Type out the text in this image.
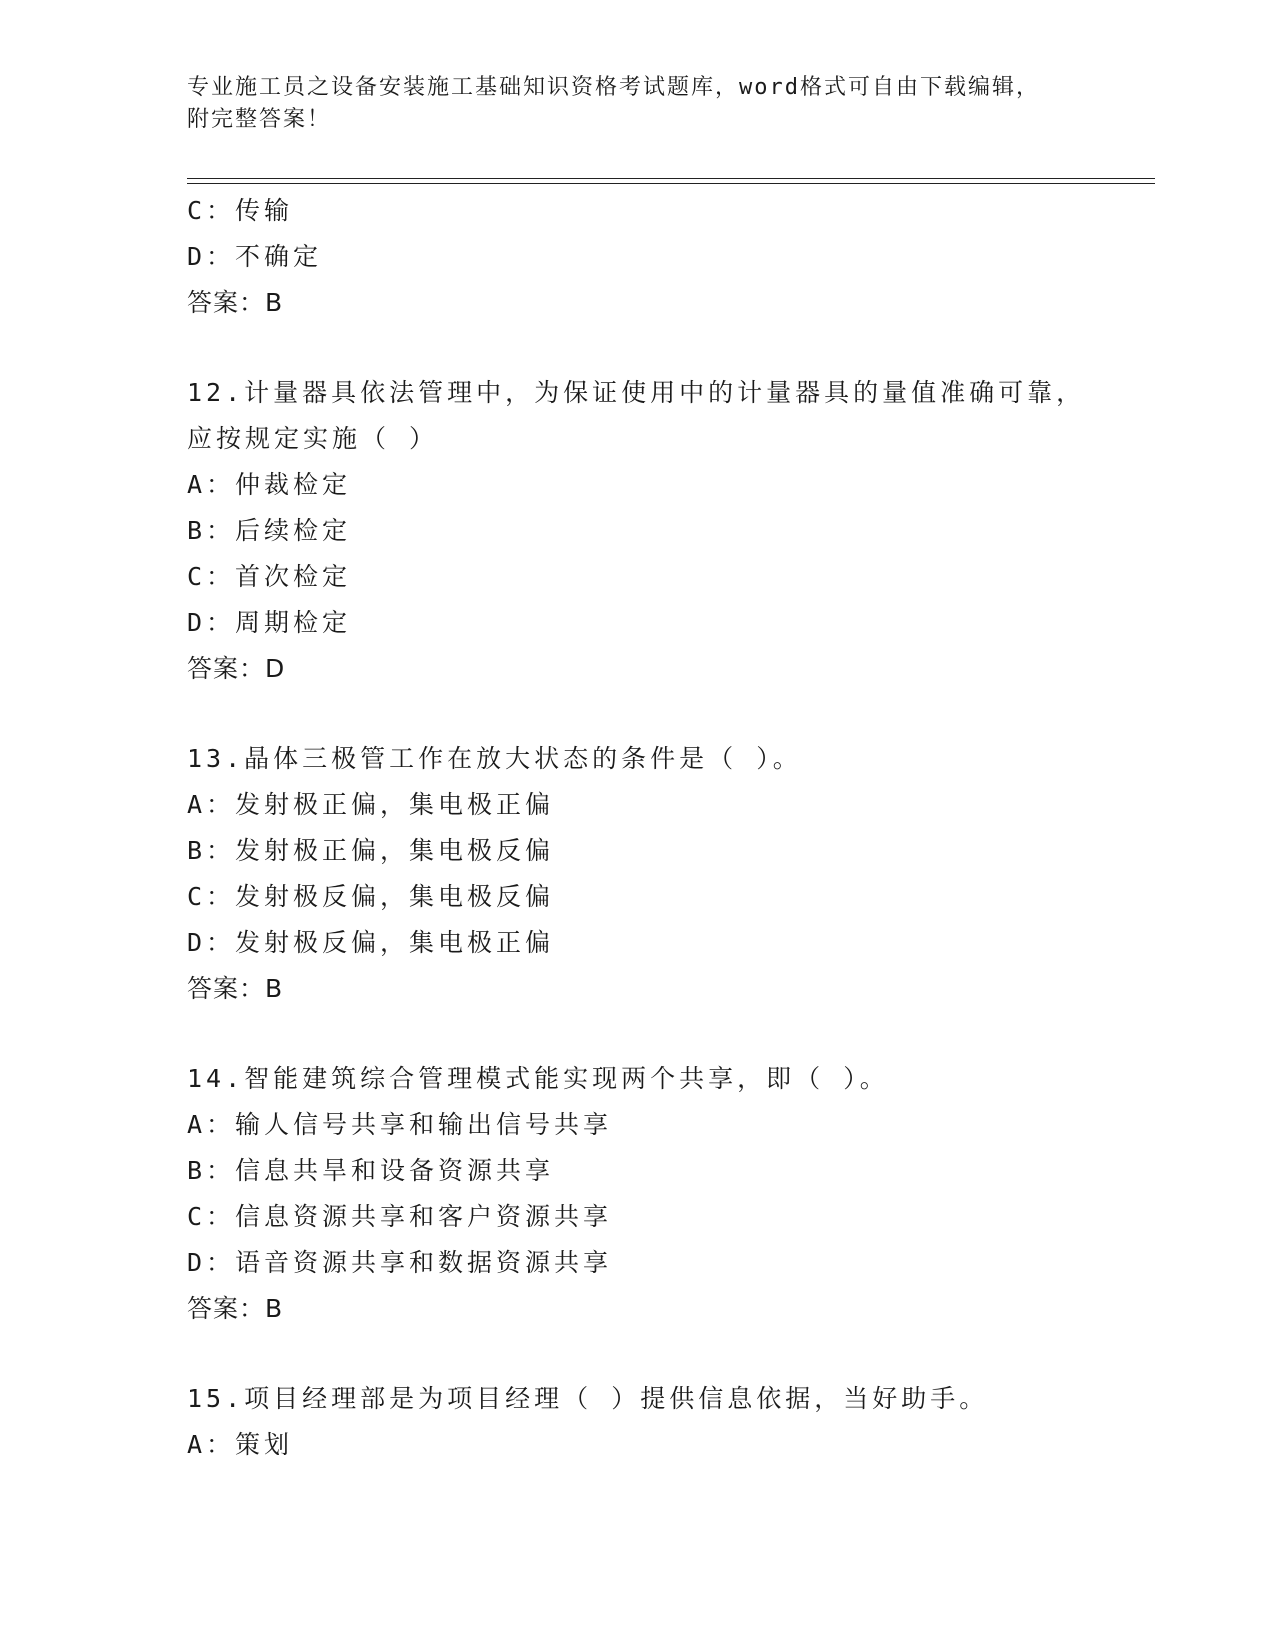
专业施工员之设备安装施工基础知识资格考试题库，word格式可自由下载编辑，
附完整答案！
C：传输
D：不确定
答案：B
12.计量器具依法管理中，为保证使用中的计量器具的量值准确可靠，
应按规定实施（ ）
A：仲裁检定
B：后续检定
C：首次检定
D：周期检定
答案：D
13.晶体三极管工作在放大状态的条件是（ ）。
A：发射极正偏，集电极正偏
B：发射极正偏，集电极反偏
C：发射极反偏，集电极反偏
D：发射极反偏，集电极正偏
答案：B
14.智能建筑综合管理模式能实现两个共享，即（ ）。
A：输人信号共享和输出信号共享
B：信息共旱和设备资源共享
C：信息资源共享和客户资源共享
D：语音资源共享和数据资源共享
答案：B
15.项目经理部是为项目经理（ ）提供信息依据，当好助手。
A：策划
